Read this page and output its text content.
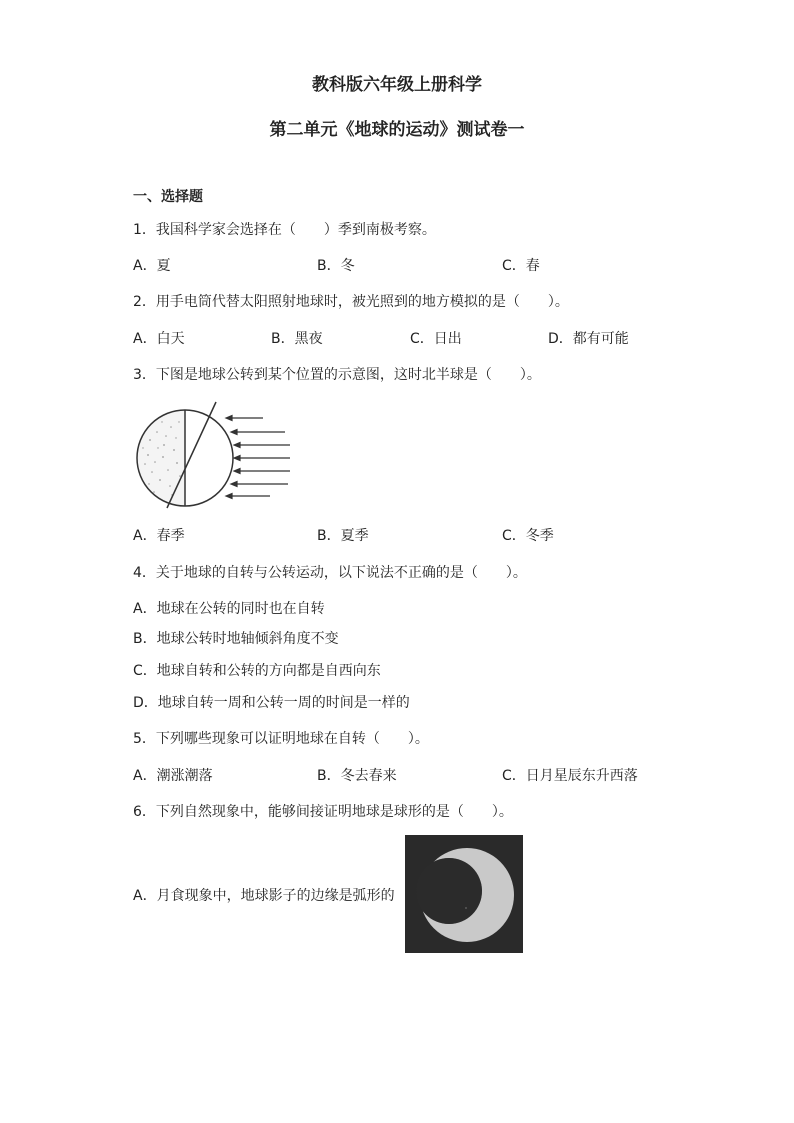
教科版六年级上册科学
第二单元《地球的运动》测试卷一
一、选择题
1．我国科学家会选择在（　　）季到南极考察。
A．夏	B．冬	C．春
2．用手电筒代替太阳照射地球时，被光照到的地方模拟的是（　　）。
A．白天	B．黑夜	C．日出	D．都有可能
3．下图是地球公转到某个位置的示意图，这时北半球是（　　）。
A．春季	B．夏季	C．冬季
4．关于地球的自转与公转运动，以下说法不正确的是（　　）。
A．地球在公转的同时也在自转
B．地球公转时地轴倾斜角度不变
C．地球自转和公转的方向都是自西向东
D．地球自转一周和公转一周的时间是一样的
5．下列哪些现象可以证明地球在自转（　　）。
A．潮涨潮落	B．冬去春来	C．日月星辰东升西落
6．下列自然现象中，能够间接证明地球是球形的是（　　）。
A．月食现象中，地球影子的边缘是弧形的
